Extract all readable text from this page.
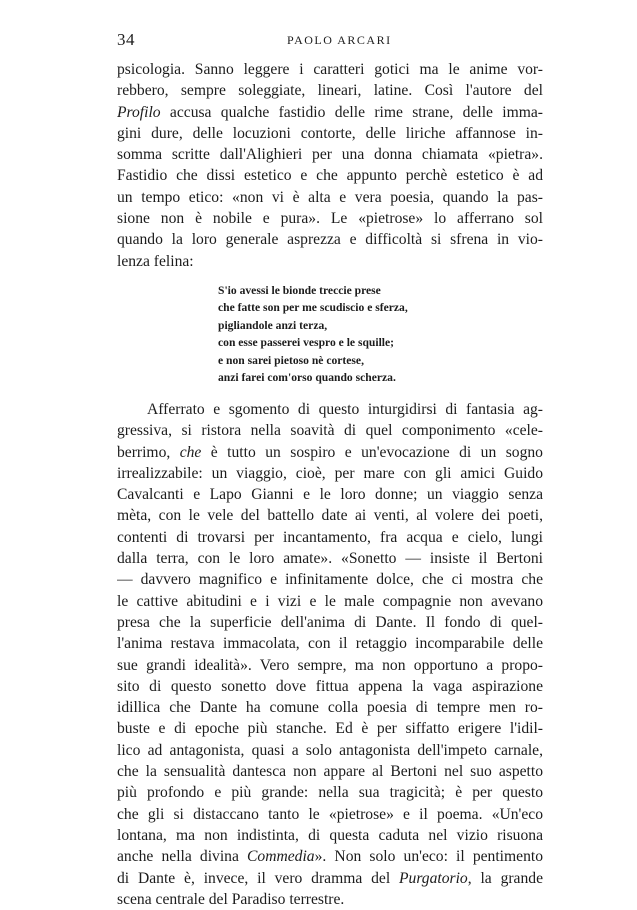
34	PAOLO ARCARI

psicologia. Sanno leggere i caratteri gotici ma le anime vor-

rebbero, sempre soleggiate, lineari, latine. Così l'autore del

Profilo accusa qualche fastidio delle rime strane, delle imma-

gini dure, delle locuzioni contorte, delle liriche affannose in-

somma scritte dall'Alighieri per una donna chiamata «pietra».

Fastidio che dissi estetico e che appunto perchè estetico è ad

un tempo etico: «non vi è alta e vera poesia, quando la pas-

sione non è nobile e pura». Le «pietrose» lo afferrano sol

quando la loro generale asprezza e difficoltà si sfrena in vio-

lenza felina:

S'io avessi le bionde treccie prese

che fatte son per me scudiscio e sferza,

pigliandole anzi terza,

con esse passerei vespro e le squille;

e non sarei pietoso nè cortese,

anzi farei com'orso quando scherza.

Afferrato e sgomento di questo inturgidirsi di fantasia ag-

gressiva, si ristora nella soavità di quel componimento «cele-

berrimo, che è tutto un sospiro e un'evocazione di un sogno

irrealizzabile: un viaggio, cioè, per mare con gli amici Guido

Cavalcanti e Lapo Gianni e le loro donne; un viaggio senza

mèta, con le vele del battello date ai venti, al volere dei poeti,

contenti di trovarsi per incantamento, fra acqua e cielo, lungi

dalla terra, con le loro amate». «Sonetto — insiste il Bertoni

— davvero magnifico e infinitamente dolce, che ci mostra che

le cattive abitudini e i vizi e le male compagnie non avevano

presa che la superficie dell'anima di Dante. Il fondo di quel-

l'anima restava immacolata, con il retaggio incomparabile delle

sue grandi idealità». Vero sempre, ma non opportuno a propo-

sito di questo sonetto dove fittua appena la vaga aspirazione

idillica che Dante ha comune colla poesia di tempre men ro-

buste e di epoche più stanche. Ed è per siffatto erigere l'idil-

lico ad antagonista, quasi a solo antagonista dell'impeto carnale,

che la sensualità dantesca non appare al Bertoni nel suo aspetto

più profondo e più grande: nella sua tragicità; è per questo

che gli si distaccano tanto le «pietrose» e il poema. «Un'eco

lontana, ma non indistinta, di questa caduta nel vizio risuona

anche nella divina Commedia». Non solo un'eco: il pentimento

di Dante è, invece, il vero dramma del Purgatorio, la grande

scena centrale del Paradiso terrestre.
